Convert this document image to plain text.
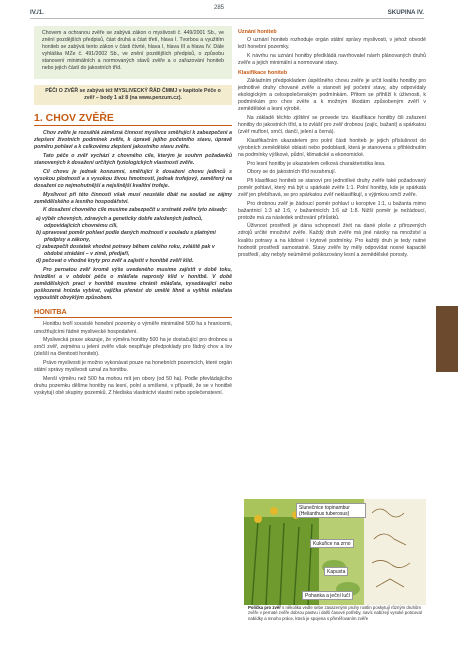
IV./1.
285
SKUPINA IV.

Chovem a ochranou zvěře se zabývá zákon o myslivosti č. 449/2001 Sb., ve znění pozdějších předpisů, část druhá a část třetí, hlava I. Tvorbou a využitím honiteb se zabývá tento zákon v části čtvrté, hlava I, hlava III a hlava IV. Dále vyhláška MZe č. 491/2002 Sb., ve znění pozdějších předpisů, o způsobu stanovení minimálních a normovaných stavů zvěře a o zařazování honiteb nebo jejich částí do jakostních tříd.

PĚČI O ZVĚŘ se zabývá též MYSLIVECKÝ ŘÁD ČMMJ v kapitole Péče o zvěř – body 1 až 8 (na www.penzum.cz).
1. CHOV ZVĚŘE

Chov zvěře je rozsáhlá zámězná činnost myslivce směřující k zabezpečení a zlepšení životních podmínek zvěře, k úpravě jejího početního stavu, úpravě poměru pohlaví a k celkovému zlepšení jakostního stavu zvěře.

Tato péče o zvěř vychází z chovného cíle, kterým je souhrn požadavků stanovených k dosažení určitých fyziologických vlastností zvěře.

Cíl chovu je jednak konzumní, směřující k dosažení chovu jedinců s vysokou plodností a s vysokou živou hmotností, jednak trofejový, zaměřený na dosažení co nejmohutnější a nejsilnější kvalitní trofeje.

Myslivost při této činnosti však musí neustále dbát na soulad se zájmy zemědělského a lesního hospodářství.

K dosažení chovného cíle musíme zabezpečit u srstnaté zvěře tyto zásady:

a) výběr chovných, zdravých a geneticky dobře založených jedinců, odpovídajících chovnému cíli,
b) upravovat poměr pohlaví podle daných možností v souladu s platnými předpisy a zákony,
c) zabezpečit dostatek vhodné potravy během celého roku, zvláště pak v obdobé strádání – v zimě, předjaří,
d) pečovat o vhodné kryty pro zvěř a zajistit v honitbě zvěři klid.

Pro pernatou zvěř kromě výše uvedeného musíme zajistit v době toku, hnízdění a v období péče o mláďata naprostý klid v honitbě. V době zemědělských prací v honitbě musíme chránit mláďata, vysedávající nebo poškozená hnízda vybírat, vajíčka přenést do umělé líhně a vylíhlá mláďata vypouštět obvyklým způsobem.

HONITBA

Honitbu tvoří souvislé honební pozemky o výměře minimálně 500 ha s hranicemi, umožňujícími řádné myslivecké hospodaření.

Myslivecká praxe ukazuje, že výměra honitby 500 ha je dostačující pro drobnou a srnčí zvěř, zejména u jelení zvěře však nesplňuje předpoklady pro řádný chov a lov (zlešší na členitosti honiteb).

Právo myslivosti je možno vykonávat pouze na honebních pozemcích, které orgán státní správy myslivosti uznal za honitbu.

Menší výměru než 500 ha mohou mít jen obory (od 50 ha). Podle převládajícího druhu pozemku dělíme honitby na lesní, polní a smíšené, v případě, že se v honitbě vyskytují obě skupiny pozemků. Z hlediska vlastnictví vlastní nebo společenstevní.

Uznání honiteb

O uznání honiteb rozhoduje orgán státní správy myslivosti, v jehož obvodě leží honební pozemky.

K návrhu na uznání honitby předkládá navrhovatel návrh plánovaných druhů zvěře a jejich minimální a normované stavy.

Klasifikace honiteb

Základním předpokladem úspěšného chovu zvěře je určit kvalitu honitby pro jednotlivé druhy chované zvěře a stanovit její početní stavy, aby odpovídaly ekologickým a celospolečenským podmínkám. Přitom se přihlíží k úživnosti, k podmínkám pro chov zvěře a k možným škodám způsobeným zvěří v zemědělské a lesní výrobě.

Na základě těchto zjištění se provede tzv. klasifikace honitby čili zařazení honitby do jakostních tříd, a to zvlášť pro zvěř drobnou (zajíc, bažant) a spárkatou (zvěř mufloní, srnčí, dančí, jelení a černá).

Klasifikačním ukazatelem pro polní části honiteb je jejich příslušnost do výrobních zemědělské oblasti nebo podoblasti, která je stanovena s přihlédnutím na podmínky výškové, půdní, klimatické a ekonomické.

Pro lesní honitby je ukazatelem celková charakteristika lesa.

Obory se do jakostních tříd nezahrnují.

Při klasifikaci honiteb se stanoví pro jednotlivé druhy zvěře také požadovaný poměr pohlaví, který má být u spárkaté zvěře 1:1. Polní honitby, kde je spárkatá zvěř jen přebíhavá, se pro spárkatou zvěř neklasifikují, s výjimkou srnčí zvěře.

Pro drobnou zvěř je žádoucí poměr pohlaví u koroptve 1:1, u bažanta mimo bažantnicí 1:3 až 1:6, v bažantnicích 1:6 až 1:8. Nižší poměr je nežádoucí, protože má za následek snižování přírůstků.

Úživnost prostředí je dána schopností živit na dané ploše z přirozených zdrojů určité množství zvěře. Každý druh zvěře má jiné nároky na množství a kvalitu potravy a na klidové i krytové podmínky. Pro každý druh je tedy nutné hodnotit prostředí samostatně. Stavy zvěře by měly odpovídat nosné kapacitě prostředí, aby nebyly neúměrně poškozovány lesní a zemědělské porosty.

Slunečnice topinambur (Helianthus tuberosus)
Kukuřice na zrno
Kapusta
Pohanka a ječní lučí
Políčka pro zvěř s několika vedle sebe zasazenými pruhy rostlin poskytují různým druhům zvěře v pernaté zvěře dobrou pastvu i další časové potřeby, navíc nabízejí vysoké poticoval nabídky a mnoho práce, která je spojena s přiměřovaním zvěře
